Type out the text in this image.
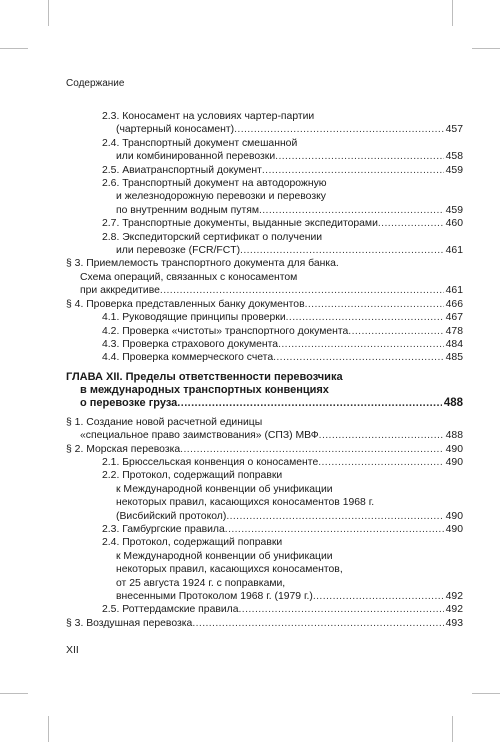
Содержание
2.3. Коносамент на условиях чартер-партии
(чартерный коносамент) .....	457
2.4. Транспортный документ смешанной
или комбинированной перевозки .....	458
2.5. Авиатранспортный документ .....	459
2.6. Транспортный документ на автодорожную
и железнодорожную перевозки и перевозку
по внутренним водным путям .....	459
2.7. Транспортные документы, выданные экспедиторами .....	460
2.8. Экспедиторский сертификат о получении
или перевозке (FCR/FCT) .....	461
§ 3. Приемлемость транспортного документа для банка.
Схема операций, связанных с коносаментом
при аккредитиве .....	461
§ 4. Проверка представленных банку документов .....	466
4.1. Руководящие принципы проверки .....	467
4.2. Проверка «чистоты» транспортного документа .....	478
4.3. Проверка страхового документа .....	484
4.4. Проверка коммерческого счета .....	485
ГЛАВА XII. Пределы ответственности перевозчика
в международных транспортных конвенциях
о перевозке груза .....	488
§ 1. Создание новой расчетной единицы
«специальное право заимствования» (СПЗ) МВФ .....	488
§ 2. Морская перевозка .....	490
2.1. Брюссельская конвенция о коносаменте .....	490
2.2. Протокол, содержащий поправки
к Международной конвенции об унификации
некоторых правил, касающихся коносаментов 1968 г.
(Висбийский протокол) .....	490
2.3. Гамбургские правила .....	490
2.4. Протокол, содержащий поправки
к Международной конвенции об унификации
некоторых правил, касающихся коносаментов,
от 25 августа 1924 г. с поправками,
внесенными Протоколом 1968 г. (1979 г.) .....	492
2.5. Роттердамские правила .....	492
§ 3. Воздушная перевозка .....	493
XII
